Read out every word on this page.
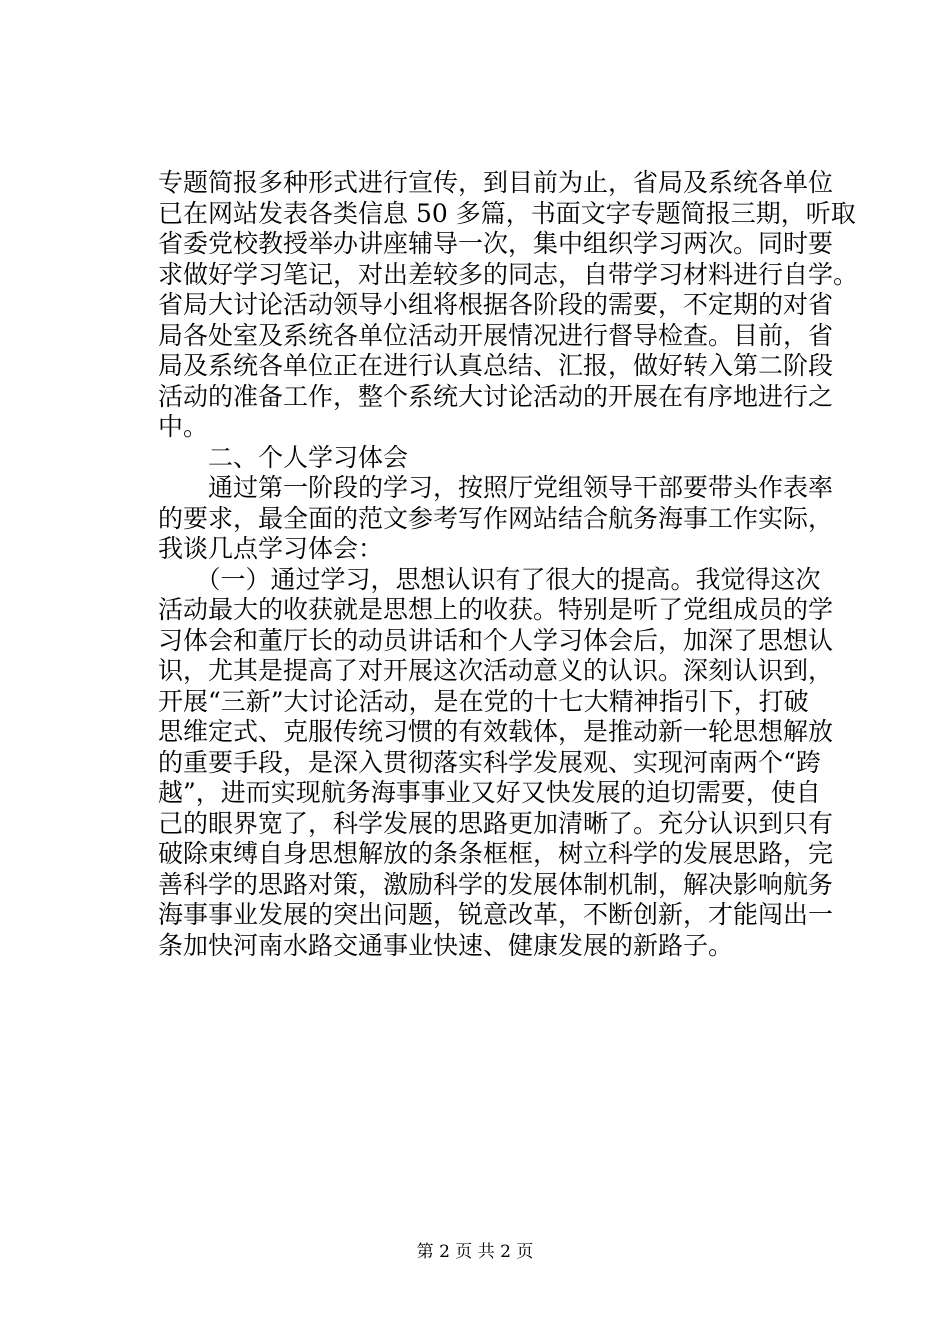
专题简报多种形式进行宣传，到目前为止，省局及系统各单位
已在网站发表各类信息 50 多篇，书面文字专题简报三期，听取
省委党校教授举办讲座辅导一次，集中组织学习两次。同时要
求做好学习笔记，对出差较多的同志，自带学习材料进行自学。
省局大讨论活动领导小组将根据各阶段的需要，不定期的对省
局各处室及系统各单位活动开展情况进行督导检查。目前，省
局及系统各单位正在进行认真总结、汇报，做好转入第二阶段
活动的准备工作，整个系统大讨论活动的开展在有序地进行之
中。
　　二、个人学习体会
　　通过第一阶段的学习，按照厅党组领导干部要带头作表率
的要求，最全面的范文参考写作网站结合航务海事工作实际，
我谈几点学习体会：
　　（一）通过学习，思想认识有了很大的提高。我觉得这次
活动最大的收获就是思想上的收获。特别是听了党组成员的学
习体会和董厅长的动员讲话和个人学习体会后，加深了思想认
识，尤其是提高了对开展这次活动意义的认识。深刻认识到，
开展“三新”大讨论活动，是在党的十七大精神指引下，打破
思维定式、克服传统习惯的有效载体，是推动新一轮思想解放
的重要手段，是深入贯彻落实科学发展观、实现河南两个“跨
越”，进而实现航务海事事业又好又快发展的迫切需要，使自
己的眼界宽了，科学发展的思路更加清晰了。充分认识到只有
破除束缚自身思想解放的条条框框，树立科学的发展思路，完
善科学的思路对策，激励科学的发展体制机制，解决影响航务
海事事业发展的突出问题，锐意改革，不断创新，才能闯出一
条加快河南水路交通事业快速、健康发展的新路子。
第 2 页 共 2 页
